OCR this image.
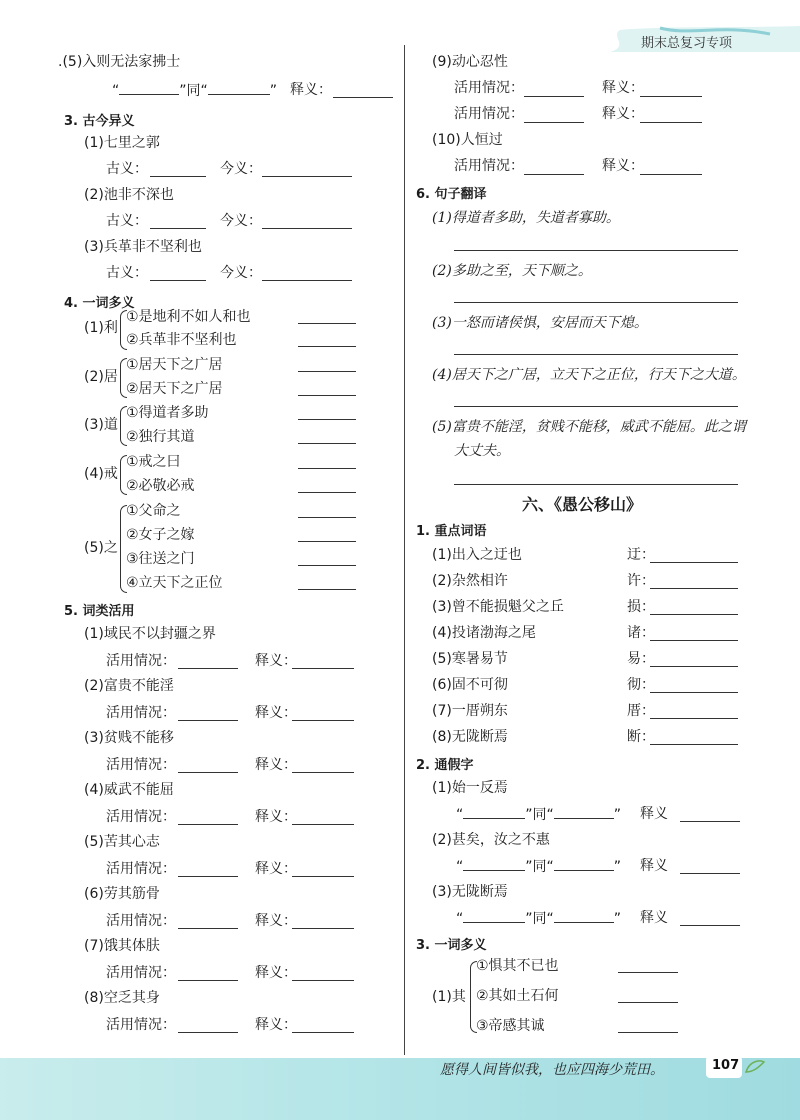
期末总复习专项
.(5)入则无法家拂士
“	”同“	” 释义：
3. 古今异义
(1)七里之郭
古义：	今义：
(2)池非不深也
古义：	今义：
(3)兵革非不坚利也
古义：	今义：
4. 一词多义
(1)利
①是地利不如人和也
②兵革非不坚利也
(2)居
①居天下之广居
②居天下之广居
(3)道
①得道者多助
②独行其道
(4)戒
①戒之曰
②必敬必戒
(5)之
①父命之
②女子之嫁
③往送之门
④立天下之正位
5. 词类活用
(1)域民不以封疆之界
活用情况：	释义：
(2)富贵不能淫
活用情况：	释义：
(3)贫贱不能移
活用情况：	释义：
(4)威武不能屈
活用情况：	释义：
(5)苦其心志
活用情况：	释义：
(6)劳其筋骨
活用情况：	释义：
(7)饿其体肤
活用情况：	释义：
(8)空乏其身
活用情况：	释义：
(9)动心忍性
活用情况：	释义：
活用情况：	释义：
(10)人恒过
活用情况：	释义：
6. 句子翻译
(1)得道者多助，失道者寡助。
(2)多助之至，天下顺之。
(3)一怒而诸侯惧，安居而天下熄。
(4)居天下之广居，立天下之正位，行天下之大道。
(5)富贵不能淫，贫贱不能移，威武不能屈。此之谓
大丈夫。
六、《愚公移山》
1. 重点词语
(1)出入之迂也	迂：
(2)杂然相许	许：
(3)曾不能损魁父之丘	损：
(4)投诸渤海之尾	诸：
(5)寒暑易节	易：
(6)固不可彻	彻：
(7)一厝朔东	厝：
(8)无陇断焉	断：
2. 通假字
(1)始一反焉
“	”同“	” 释义
(2)甚矣，汝之不惠
“	”同“	” 释义
(3)无陇断焉
“	”同“	” 释义
3. 一词多义
(1)其
①惧其不已也
②其如土石何
③帝感其诚
愿得人间皆似我，也应四海少荒田。	107
